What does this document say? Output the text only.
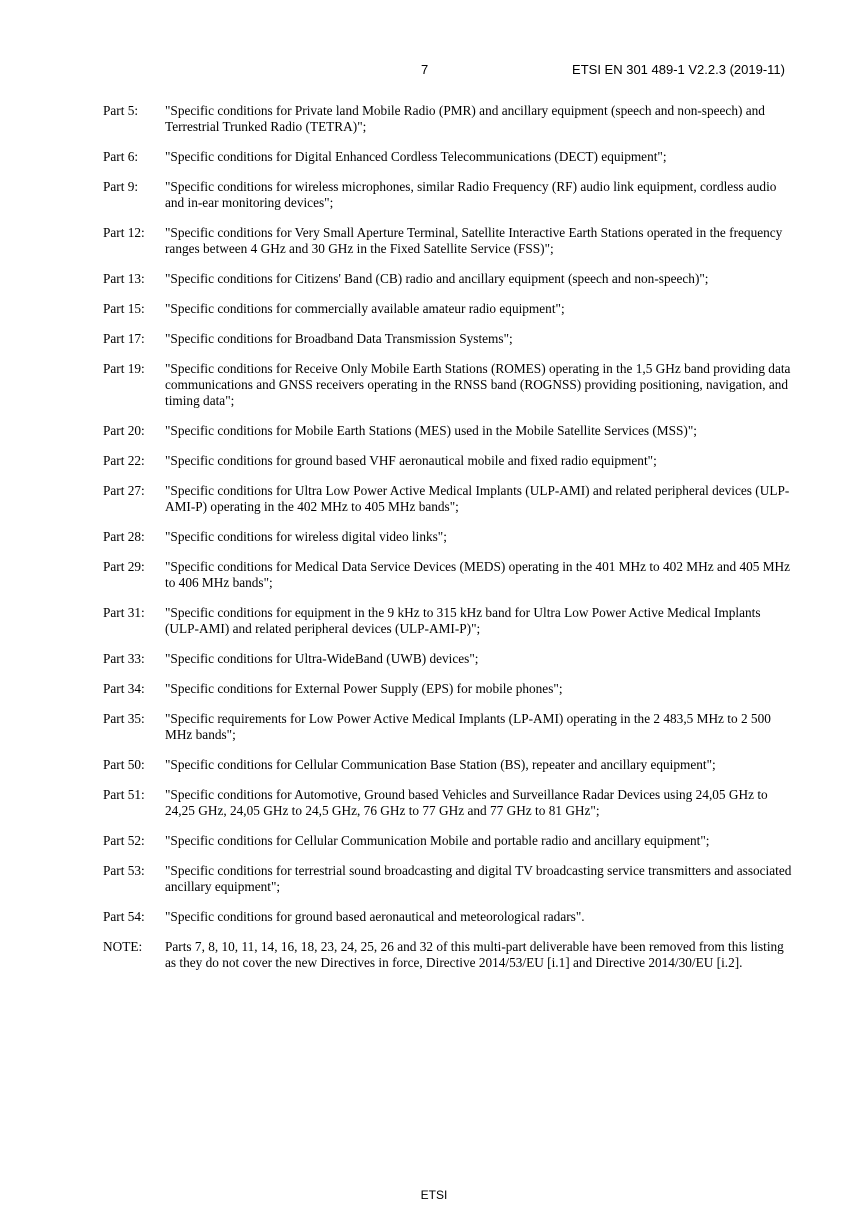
7	ETSI EN 301 489-1 V2.2.3 (2019-11)
Part 5:	"Specific conditions for Private land Mobile Radio (PMR) and ancillary equipment (speech and non-speech) and Terrestrial Trunked Radio (TETRA)";
Part 6:	"Specific conditions for Digital Enhanced Cordless Telecommunications (DECT) equipment";
Part 9:	"Specific conditions for wireless microphones, similar Radio Frequency (RF) audio link equipment, cordless audio and in-ear monitoring devices";
Part 12:	"Specific conditions for Very Small Aperture Terminal, Satellite Interactive Earth Stations operated in the frequency ranges between 4 GHz and 30 GHz in the Fixed Satellite Service (FSS)";
Part 13:	"Specific conditions for Citizens' Band (CB) radio and ancillary equipment (speech and non-speech)";
Part 15:	"Specific conditions for commercially available amateur radio equipment";
Part 17:	"Specific conditions for Broadband Data Transmission Systems";
Part 19:	"Specific conditions for Receive Only Mobile Earth Stations (ROMES) operating in the 1,5 GHz band providing data communications and GNSS receivers operating in the RNSS band (ROGNSS) providing positioning, navigation, and timing data";
Part 20:	"Specific conditions for Mobile Earth Stations (MES) used in the Mobile Satellite Services (MSS)";
Part 22:	"Specific conditions for ground based VHF aeronautical mobile and fixed radio equipment";
Part 27:	"Specific conditions for Ultra Low Power Active Medical Implants (ULP-AMI) and related peripheral devices (ULP-AMI-P) operating in the 402 MHz to 405 MHz bands";
Part 28:	"Specific conditions for wireless digital video links";
Part 29:	"Specific conditions for Medical Data Service Devices (MEDS) operating in the 401 MHz to 402 MHz and 405 MHz to 406 MHz bands";
Part 31:	"Specific conditions for equipment in the 9 kHz to 315 kHz band for Ultra Low Power Active Medical Implants (ULP-AMI) and related peripheral devices (ULP-AMI-P)";
Part 33:	"Specific conditions for Ultra-WideBand (UWB) devices";
Part 34:	"Specific conditions for External Power Supply (EPS) for mobile phones";
Part 35:	"Specific requirements for Low Power Active Medical Implants (LP-AMI) operating in the 2 483,5 MHz to 2 500 MHz bands";
Part 50:	"Specific conditions for Cellular Communication Base Station (BS), repeater and ancillary equipment";
Part 51:	"Specific conditions for Automotive, Ground based Vehicles and Surveillance Radar Devices using 24,05 GHz to 24,25 GHz, 24,05 GHz to 24,5 GHz, 76 GHz to 77 GHz and 77 GHz to 81 GHz";
Part 52:	"Specific conditions for Cellular Communication Mobile and portable radio and ancillary equipment";
Part 53:	"Specific conditions for terrestrial sound broadcasting and digital TV broadcasting service transmitters and associated ancillary equipment";
Part 54:	"Specific conditions for ground based aeronautical and meteorological radars".
NOTE:	Parts 7, 8, 10, 11, 14, 16, 18, 23, 24, 25, 26 and 32 of this multi-part deliverable have been removed from this listing as they do not cover the new Directives in force, Directive 2014/53/EU [i.1] and Directive 2014/30/EU [i.2].
ETSI
